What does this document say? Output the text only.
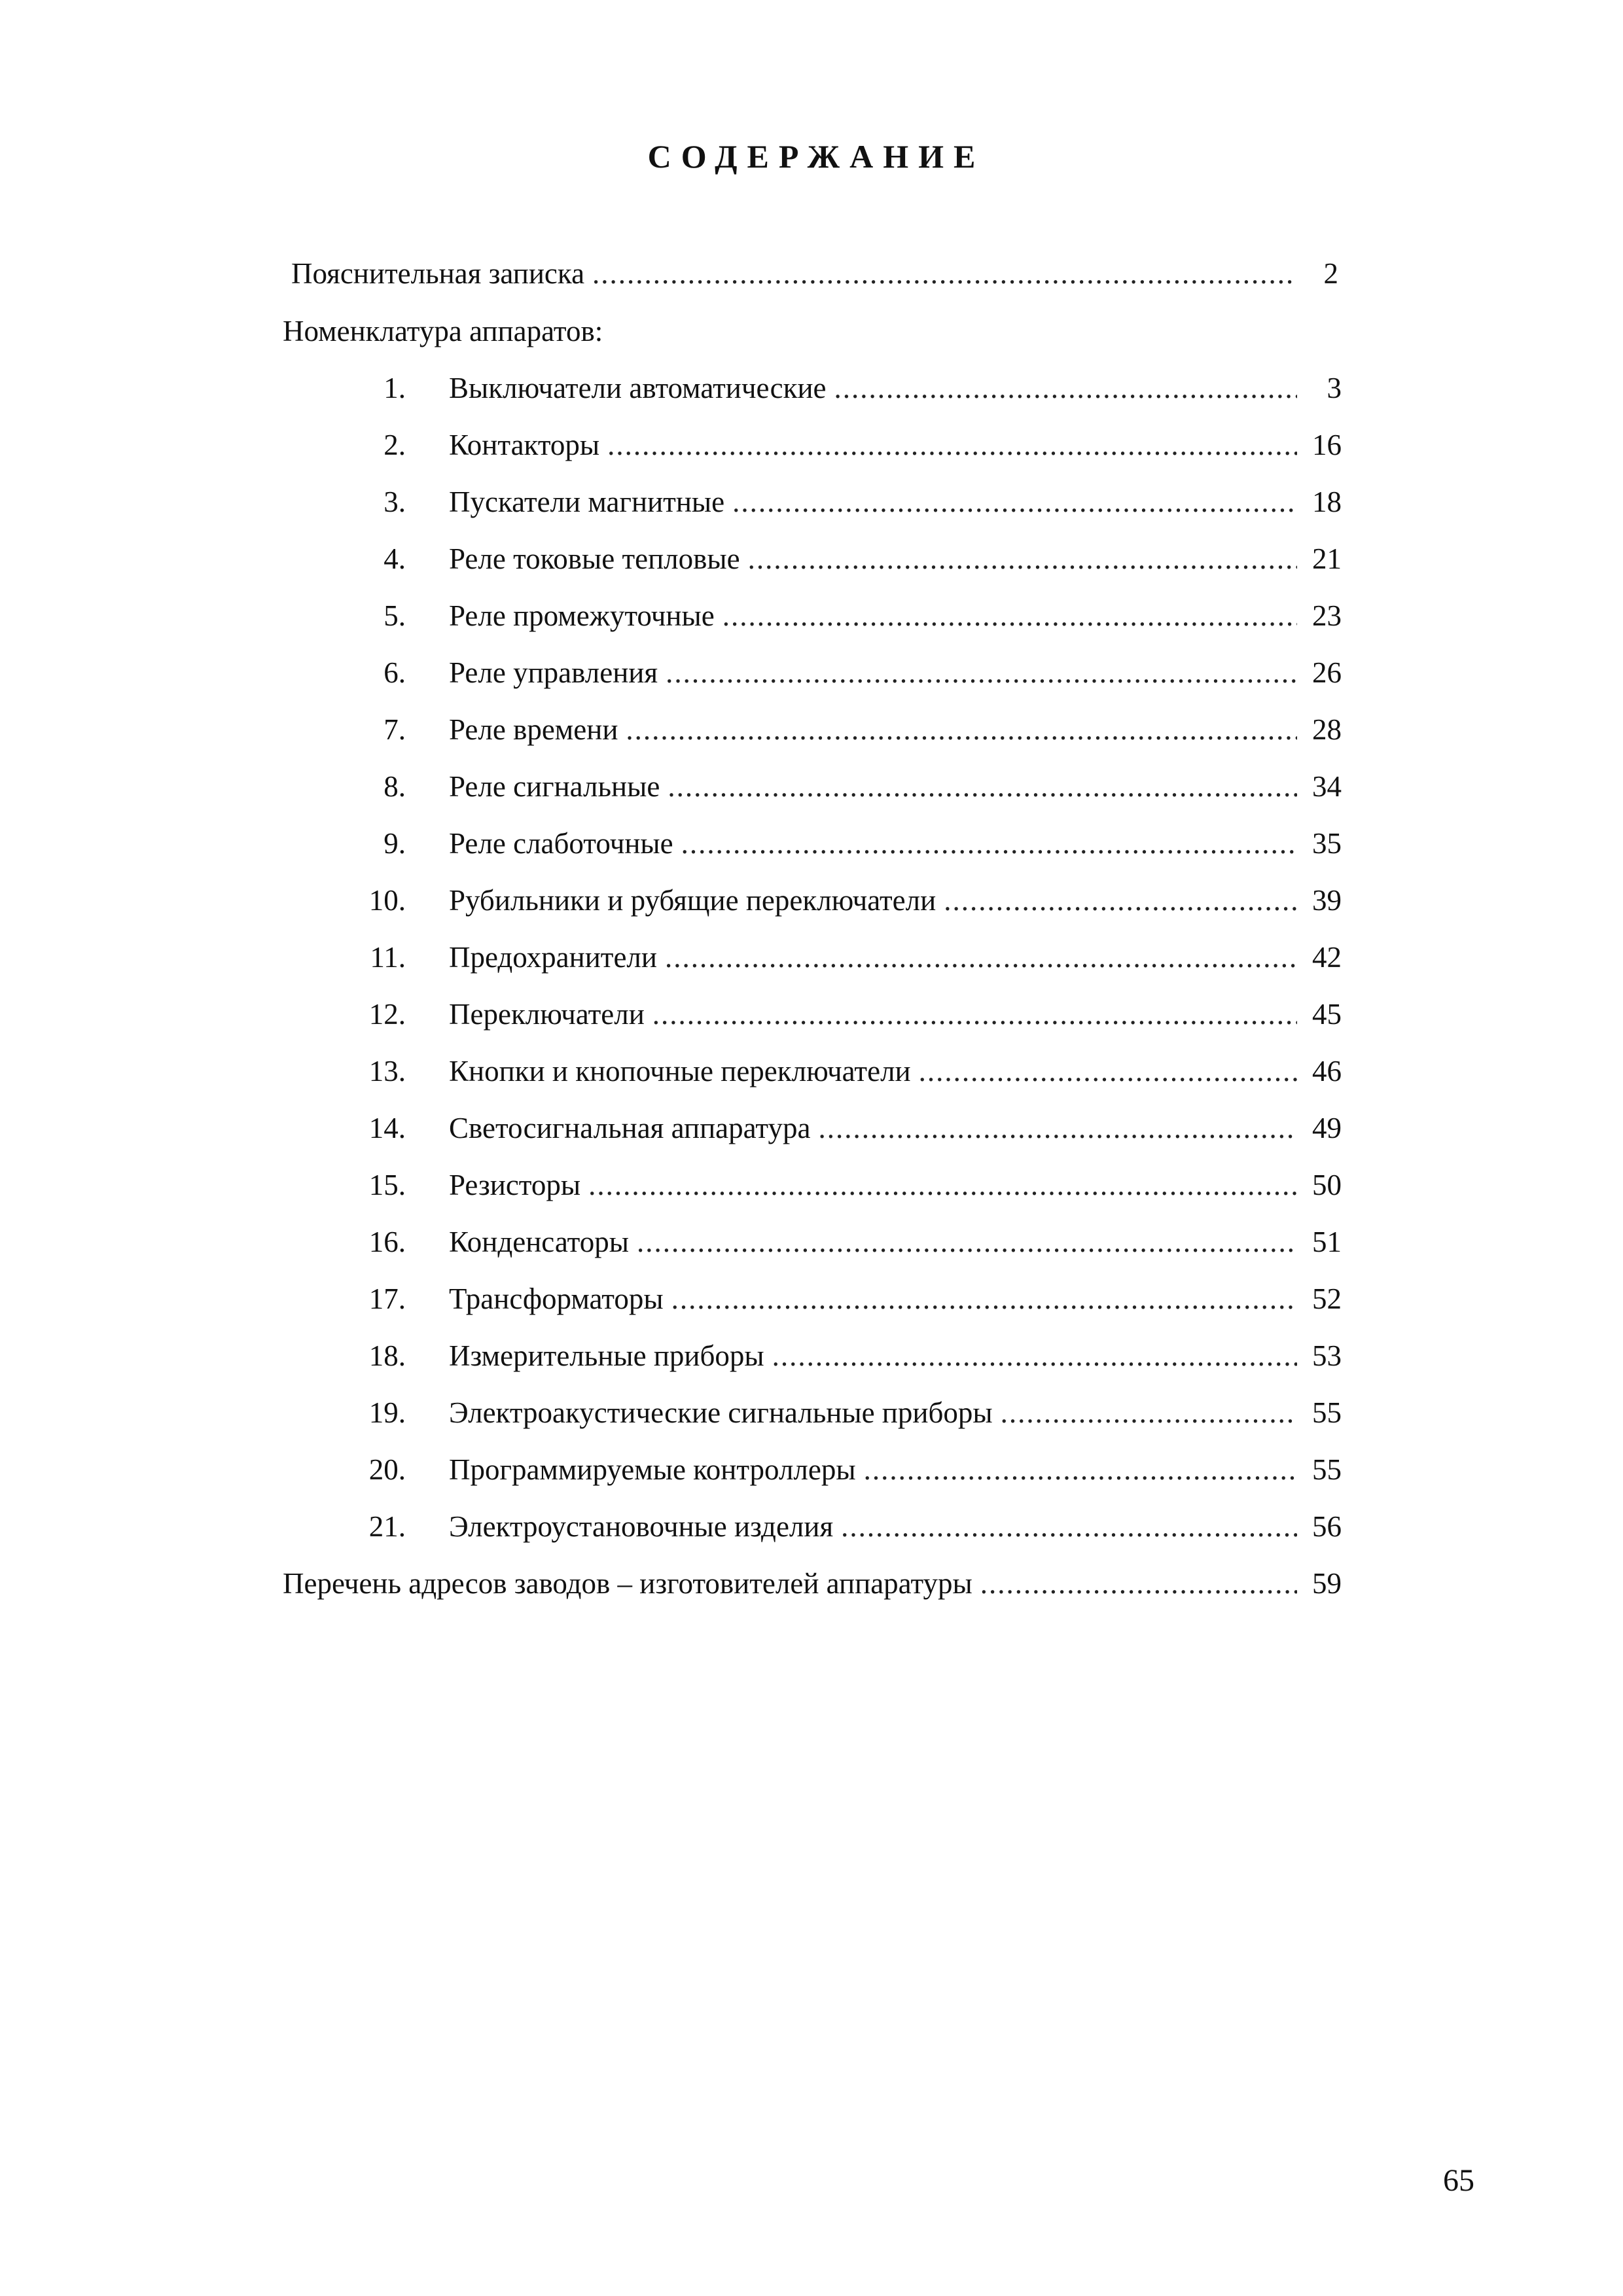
СОДЕРЖАНИЕ
Пояснительная записка .....	2
Номенклатура аппаратов:
1. Выключатели автоматические .....	3
2. Контакторы .....	16
3. Пускатели магнитные .....	18
4. Реле токовые тепловые .....	21
5. Реле промежуточные .....	23
6. Реле управления .....	26
7. Реле времени .....	28
8. Реле сигнальные .....	34
9. Реле слаботочные .....	35
10. Рубильники и рубящие переключатели .....	39
11. Предохранители .....	42
12. Переключатели .....	45
13. Кнопки и кнопочные переключатели .....	46
14. Светосигнальная аппаратура .....	49
15. Резисторы .....	50
16. Конденсаторы .....	51
17. Трансформаторы .....	52
18. Измерительные приборы .....	53
19. Электроакустические сигнальные приборы .....	55
20. Программируемые контроллеры .....	55
21. Электроустановочные изделия .....	56
Перечень адресов заводов – изготовителей аппаратуры .....	59
65
